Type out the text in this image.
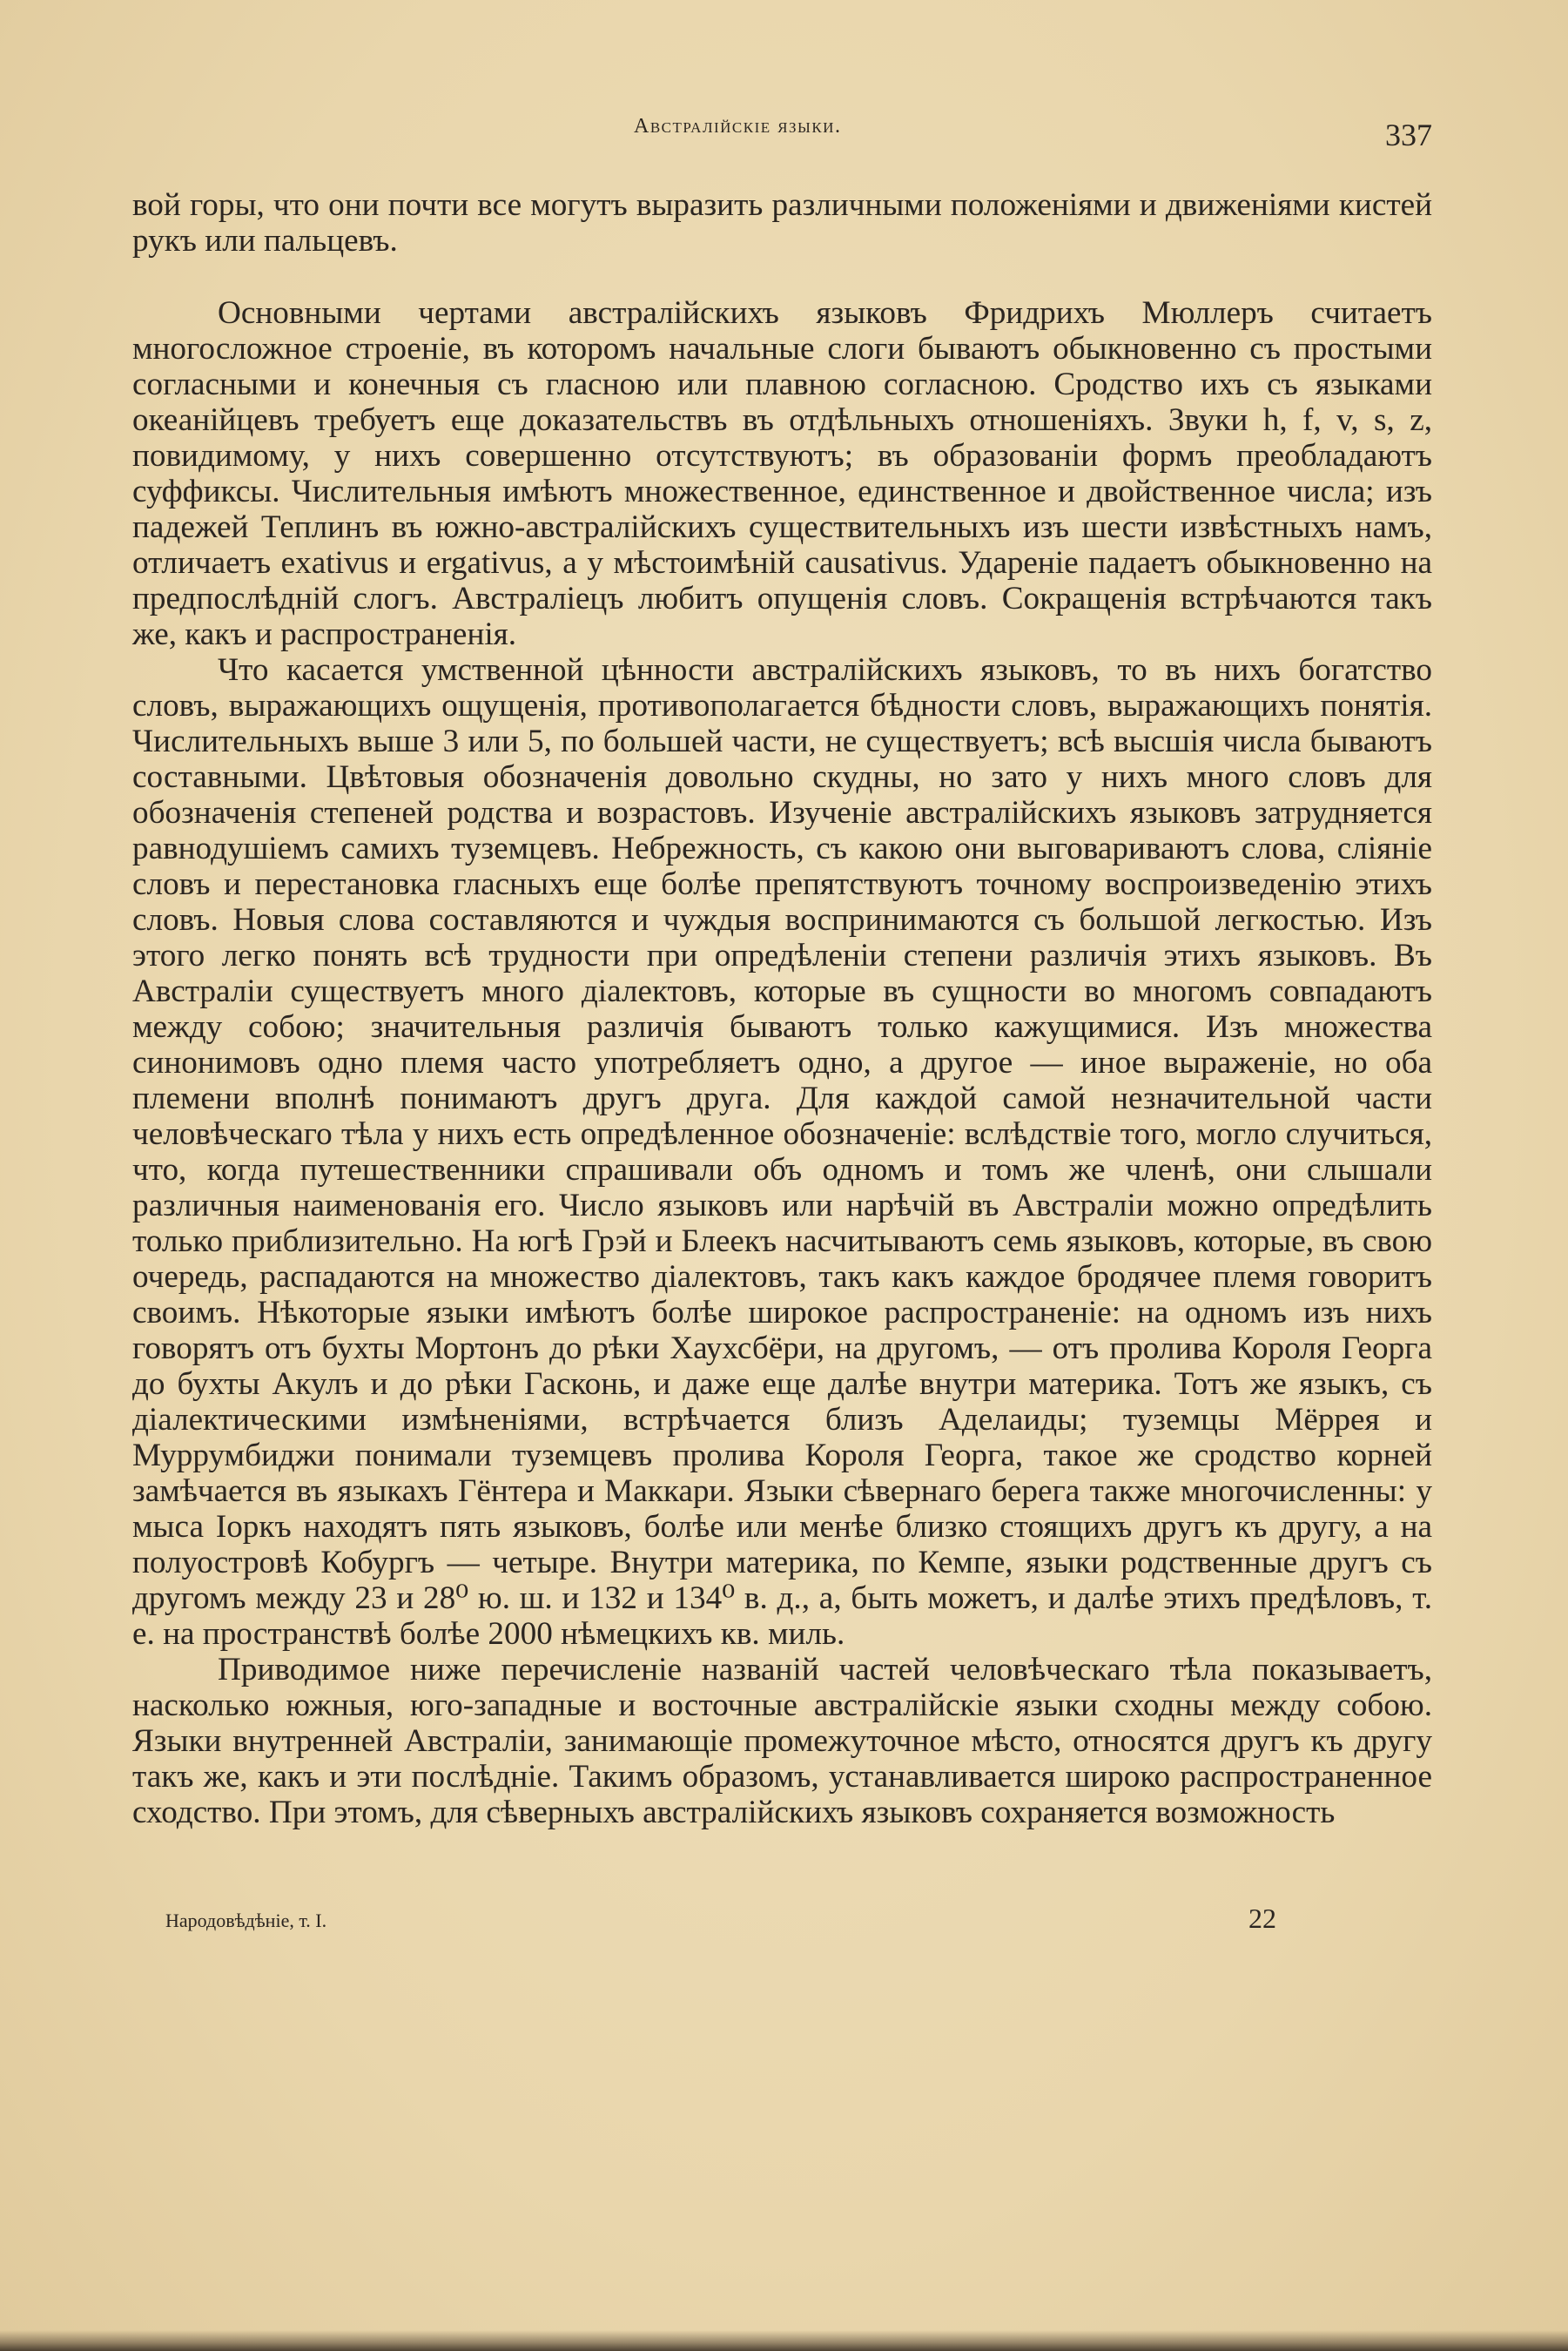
Австралійскіе языки.	337

вой горы, что они почти все могутъ выразить различными положеніями и движеніями кистей рукъ или пальцевъ.

Основными чертами австралійскихъ языковъ Фридрихъ Мюллеръ считаетъ многосложное строеніе, въ которомъ начальные слоги бываютъ обыкновенно съ простыми согласными и конечныя съ гласною или плавною согласною. Сродство ихъ съ языками океанійцевъ требуетъ еще доказательствъ въ отдѣльныхъ отношеніяхъ. Звуки h, f, v, s, z, повидимому, у нихъ совершенно отсутствуютъ; въ образованіи формъ преобладаютъ суффиксы. Числительныя имѣютъ множественное, единственное и двойственное числа; изъ падежей Теплинъ въ южно-австралійскихъ существительныхъ изъ шести извѣстныхъ намъ, отличаетъ exativus и ergativus, а у мѣстоимѣній causativus. Удареніе падаетъ обыкновенно на предпослѣдній слогъ. Австраліецъ любитъ опущенія словъ. Сокращенія встрѣчаются такъ же, какъ и распространенія.

Что касается умственной цѣнности австралійскихъ языковъ, то въ нихъ богатство словъ, выражающихъ ощущенія, противополагается бѣдности словъ, выражающихъ понятія. Числительныхъ выше 3 или 5, по большей части, не существуетъ; всѣ высшія числа бываютъ составными. Цвѣтовыя обозначенія довольно скудны, но зато у нихъ много словъ для обозначенія степеней родства и возрастовъ. Изученіе австралійскихъ языковъ затрудняется равнодушіемъ самихъ туземцевъ. Небрежность, съ какою они выговариваютъ слова, сліяніе словъ и перестановка гласныхъ еще болѣе препятствуютъ точному воспроизведенію этихъ словъ. Новыя слова составляются и чуждыя воспринимаются съ большой легкостью. Изъ этого легко понять всѣ трудности при опредѣленіи степени различія этихъ языковъ. Въ Австраліи существуетъ много діалектовъ, которые въ сущности во многомъ совпадаютъ между собою; значительныя различія бываютъ только кажущимися. Изъ множества синонимовъ одно племя часто употребляетъ одно, а другое — иное выраженіе, но оба племени вполнѣ понимаютъ другъ друга. Для каждой самой незначительной части человѣческаго тѣла у нихъ есть опредѣленное обозначеніе: вслѣдствіе того, могло случиться, что, когда путешественники спрашивали объ одномъ и томъ же членѣ, они слышали различныя наименованія его. Число языковъ или нарѣчій въ Австраліи можно опредѣлить только приблизительно. На югѣ Грэй и Блеекъ насчитываютъ семь языковъ, которые, въ свою очередь, распадаются на множество діалектовъ, такъ какъ каждое бродячее племя говоритъ своимъ. Нѣкоторые языки имѣютъ болѣе широкое распространеніе: на одномъ изъ нихъ говорятъ отъ бухты Мортонъ до рѣки Хаухсбёри, на другомъ, — отъ пролива Короля Георга до бухты Акулъ и до рѣки Гасконь, и даже еще далѣе внутри материка. Тотъ же языкъ, съ діалектическими измѣненіями, встрѣчается близъ Аделаиды; туземцы Мёррея и Муррумбиджи понимали туземцевъ пролива Короля Георга, такое же сродство корней замѣчается въ языкахъ Гёнтера и Маккари. Языки сѣвернаго берега также многочисленны: у мыса Іоркъ находятъ пять языковъ, болѣе или менѣе близко стоящихъ другъ къ другу, а на полуостровѣ Кобургъ — четыре. Внутри материка, по Кемпе, языки родственные другъ съ другомъ между 23 и 28⁰ ю. ш. и 132 и 134⁰ в. д., а, быть можетъ, и далѣе этихъ предѣловъ, т. е. на пространствѣ болѣе 2000 нѣмецкихъ кв. миль.

Приводимое ниже перечисленіе названій частей человѣческаго тѣла показываетъ, насколько южныя, юго-западные и восточные австралійскіе языки сходны между собою. Языки внутренней Австраліи, занимающіе промежуточное мѣсто, относятся другъ къ другу такъ же, какъ и эти послѣдніе. Такимъ образомъ, устанавливается широко распространенное сходство. При этомъ, для сѣверныхъ австралійскихъ языковъ сохраняется возможность

Народовѣдѣніе, т. I.	22
